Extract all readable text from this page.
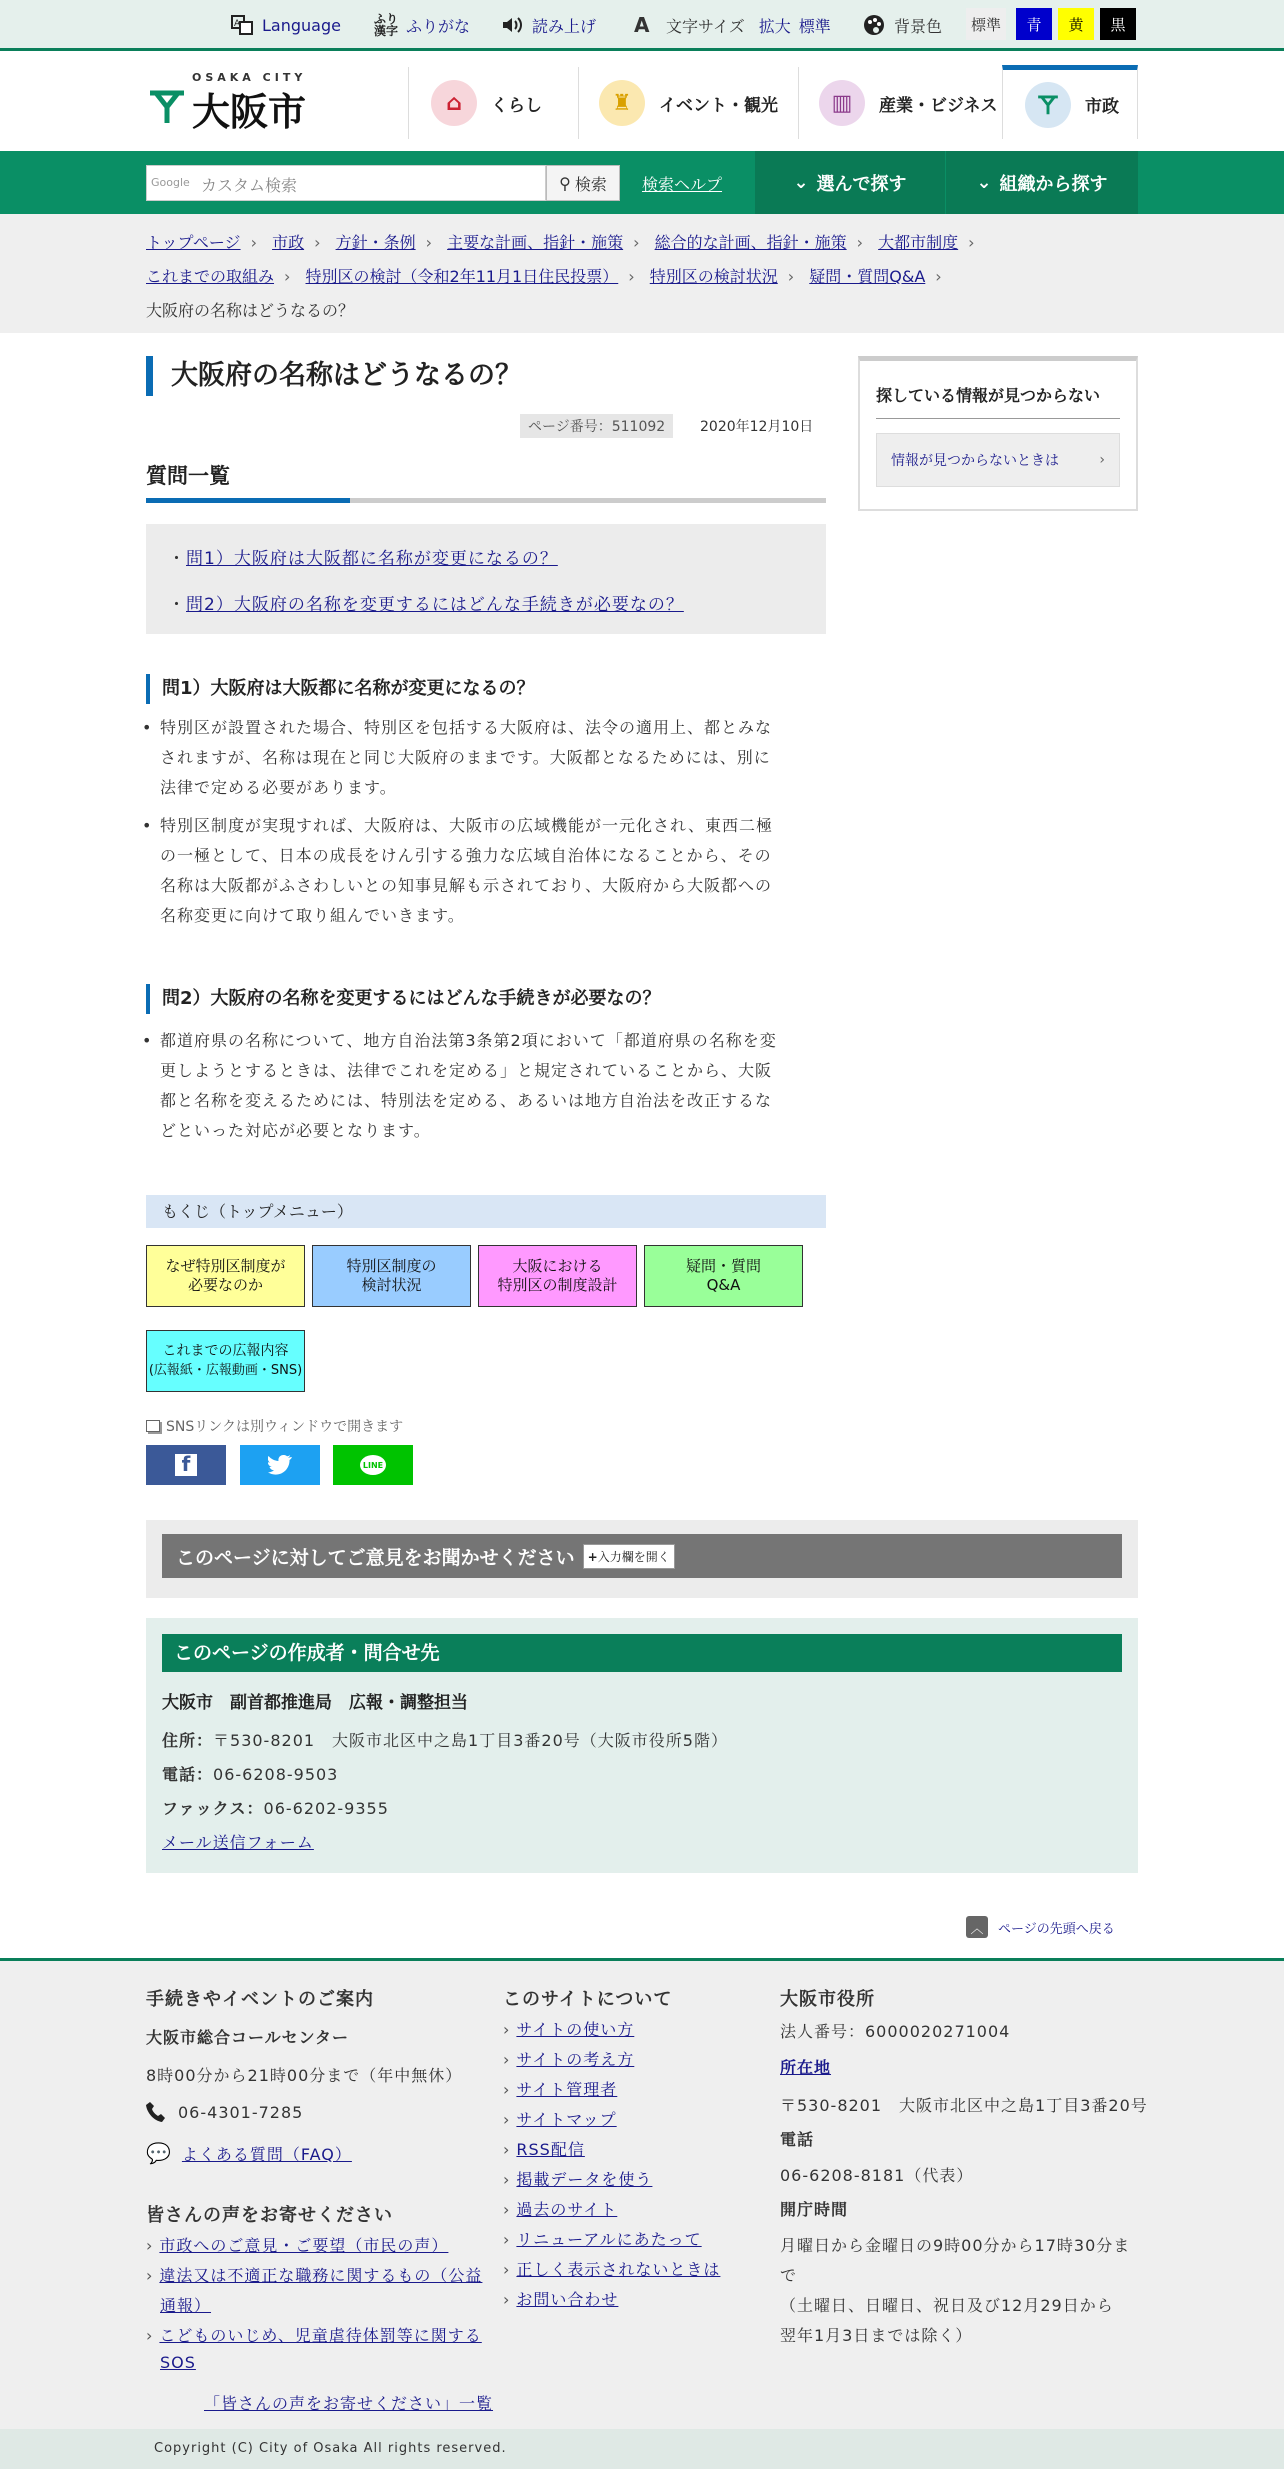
A Language	ふり
漢字 ふりがな	読み上げ A	文字サイズ 拡大 標準	背景色	標準	青	黄	黒
OSAKA CITY
大阪市	⌂	くらし	♜	イベント・観光	▥	産業・ビジネス	市政
Google カスタム検索	⚲ 検索 検索ヘルプ	⌄ 選んで探す	⌄ 組織から探す
トップページ › 市政 › 方針・条例 › 主要な計画、指針・施策 › 総合的な計画、指針・施策 › 大都市制度 ›
これまでの取組み › 特別区の検討（令和2年11月1日住民投票） › 特別区の検討状況 › 疑問・質問Q&A ›
大阪府の名称はどうなるの？
大阪府の名称はどうなるの？
ページ番号：511092	2020年12月10日
探している情報が見つからない
情報が見つからないときは	›
質問一覧
・問1）大阪府は大阪都に名称が変更になるの？
・問2）大阪府の名称を変更するにはどんな手続きが必要なの？
問1）大阪府は大阪都に名称が変更になるの？
• 特別区が設置された場合、特別区を包括する大阪府は、法令の適用上、都とみな
されますが、名称は現在と同じ大阪府のままです。大阪都となるためには、別に
法律で定める必要があります。
• 特別区制度が実現すれば、大阪府は、大阪市の広域機能が一元化され、東西二極
の一極として、日本の成長をけん引する強力な広域自治体になることから、その
名称は大阪都がふさわしいとの知事見解も示されており、大阪府から大阪都への
名称変更に向けて取り組んでいきます。
問2）大阪府の名称を変更するにはどんな手続きが必要なの？
• 都道府県の名称について、地方自治法第3条第2項において「都道府県の名称を変
更しようとするときは、法律でこれを定める」と規定されていることから、大阪
都と名称を変えるためには、特別法を定める、あるいは地方自治法を改正するな
どといった対応が必要となります。
もくじ（トップメニュー）
なぜ特別区制度が
必要なのか
特別区制度の
検討状況
大阪における
特別区の制度設計
疑問・質問
Q&A
これまでの広報内容
(広報紙・広報動画・SNS)
SNSリンクは別ウィンドウで開きます
f	LINE
このページに対してご意見をお聞かせください	+入力欄を開く
このページの作成者・問合せ先
大阪市　副首都推進局　広報・調整担当
住所：〒530-8201　大阪市北区中之島1丁目3番20号（大阪市役所5階）
電話：06-6208-9503
ファックス：06-6202-9355
メール送信フォーム
︿	ページの先頭へ戻る
手続きやイベントのご案内
大阪市総合コールセンター
8時00分から21時00分まで（年中無休）
06-4301-7285
💬 よくある質問（FAQ）
皆さんの声をお寄せください
› 市政へのご意見・ご要望（市民の声）
› 違法又は不適正な職務に関するもの（公益
通報）
› こどものいじめ、児童虐待体罰等に関する
SOS
「皆さんの声をお寄せください」一覧
このサイトについて
› サイトの使い方
› サイトの考え方
› サイト管理者
› サイトマップ
› RSS配信
› 掲載データを使う
› 過去のサイト
› リニューアルにあたって
› 正しく表示されないときは
› お問い合わせ
大阪市役所
法人番号：6000020271004
所在地
〒530-8201　大阪市北区中之島1丁目3番20号
電話
06-6208-8181（代表）
開庁時間
月曜日から金曜日の9時00分から17時30分ま
で
（土曜日、日曜日、祝日及び12月29日から
翌年1月3日までは除く）
Copyright (C) City of Osaka All rights reserved.
